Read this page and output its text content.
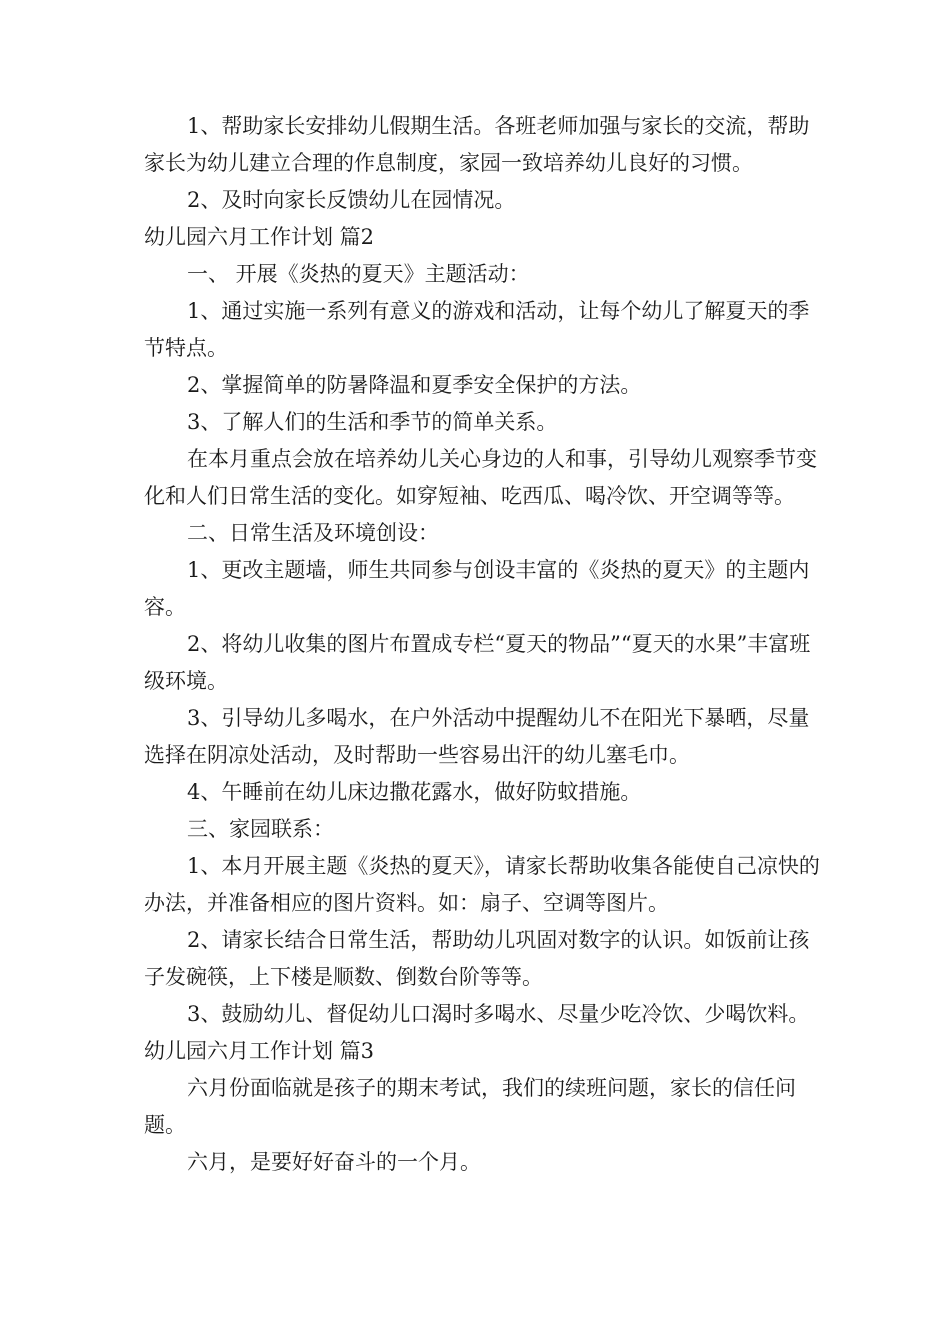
1、帮助家长安排幼儿假期生活。各班老师加强与家长的交流，帮助家长为幼儿建立合理的作息制度，家园一致培养幼儿良好的习惯。

2、及时向家长反馈幼儿在园情况。

幼儿园六月工作计划 篇2

一、 开展《炎热的夏天》主题活动：

1、通过实施一系列有意义的游戏和活动，让每个幼儿了解夏天的季节特点。

2、掌握简单的防暑降温和夏季安全保护的方法。

3、了解人们的生活和季节的简单关系。

在本月重点会放在培养幼儿关心身边的人和事，引导幼儿观察季节变化和人们日常生活的变化。如穿短袖、吃西瓜、喝冷饮、开空调等等。

二、日常生活及环境创设：

1、更改主题墙，师生共同参与创设丰富的《炎热的夏天》的主题内容。

2、将幼儿收集的图片布置成专栏“夏天的物品”“夏天的水果”丰富班级环境。

3、引导幼儿多喝水，在户外活动中提醒幼儿不在阳光下暴晒，尽量选择在阴凉处活动，及时帮助一些容易出汗的幼儿塞毛巾。

4、午睡前在幼儿床边撒花露水，做好防蚊措施。

三、家园联系：

1、本月开展主题《炎热的夏天》，请家长帮助收集各能使自己凉快的办法，并准备相应的图片资料。如：扇子、空调等图片。

2、请家长结合日常生活，帮助幼儿巩固对数字的认识。如饭前让孩子发碗筷，上下楼是顺数、倒数台阶等等。

3、鼓励幼儿、督促幼儿口渴时多喝水、尽量少吃冷饮、少喝饮料。

幼儿园六月工作计划 篇3

六月份面临就是孩子的期末考试，我们的续班问题，家长的信任问题。

六月，是要好好奋斗的一个月。
